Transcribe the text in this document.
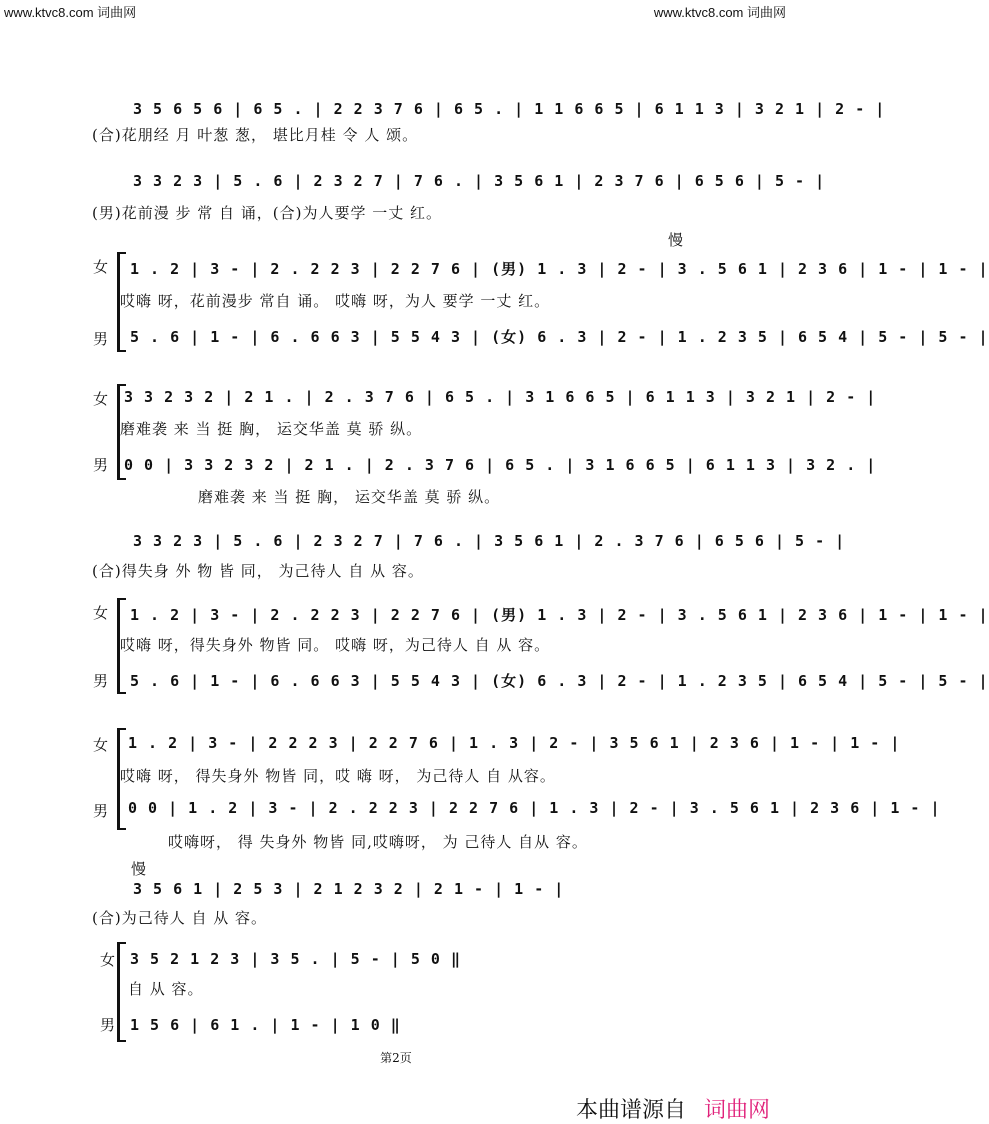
www.ktvc8.com 词曲网	www.ktvc8.com 词曲网
3 5 6 5 6 | 6 5 . | 2 2 3 7 6 | 6 5 . | 1 1 6 6 5 | 6 1 1 3 | 3 2 1 | 2 - |
(合)花朋经 月 叶葱 葱， 堪比月桂 令 人 颂。
3 3 2 3 | 5 . 6 | 2 3 2 7 | 7 6 . | 3 5 6 1 | 2 3 7 6 | 6 5 6 | 5 - |
(男)花前漫 步 常 自 诵，(合)为人要学 一丈 红。
慢
女 1 . 2 | 3 - | 2 . 2 2 3 | 2 2 7 6 | (男) 1 . 3 | 2 - | 3 . 5 6 1 | 2 3 6 | 1 - | 1 - |
哎嗨 呀，花前漫步 常自 诵。 哎嗨 呀，为人 要学 一丈 红。
男 5 . 6 | 1 - | 6 . 6 6 3 | 5 5 4 3 | (女) 6 . 3 | 2 - | 1 . 2 3 5 | 6 5 4 | 5 - | 5 - |
女 3 3 2 3 2 | 2 1 . | 2 . 3 7 6 | 6 5 . | 3 1 6 6 5 | 6 1 1 3 | 3 2 1 | 2 - |
磨难袭 来 当 挺 胸， 运交华盖 莫 骄 纵。
男 0 0 | 3 3 2 3 2 | 2 1 . | 2 . 3 7 6 | 6 5 . | 3 1 6 6 5 | 6 1 1 3 | 3 2 . |
磨难袭 来 当 挺 胸， 运交华盖 莫 骄 纵。
3 3 2 3 | 5 . 6 | 2 3 2 7 | 7 6 . | 3 5 6 1 | 2 . 3 7 6 | 6 5 6 | 5 - |
(合)得失身 外 物 皆 同， 为己待人 自 从 容。
女 1 . 2 | 3 - | 2 . 2 2 3 | 2 2 7 6 | (男) 1 . 3 | 2 - | 3 . 5 6 1 | 2 3 6 | 1 - | 1 - |
哎嗨 呀，得失身外 物皆 同。 哎嗨 呀，为己待人 自 从 容。
男 5 . 6 | 1 - | 6 . 6 6 3 | 5 5 4 3 | (女) 6 . 3 | 2 - | 1 . 2 3 5 | 6 5 4 | 5 - | 5 - |
女 1 . 2 | 3 - | 2 2 2 3 | 2 2 7 6 | 1 . 3 | 2 - | 3 5 6 1 | 2 3 6 | 1 - | 1 - |
哎嗨 呀， 得失身外 物皆 同，哎 嗨 呀， 为己待人 自 从容。
男 0 0 | 1 . 2 | 3 - | 2 . 2 2 3 | 2 2 7 6 | 1 . 3 | 2 - | 3 . 5 6 1 | 2 3 6 | 1 - |
哎嗨呀， 得 失身外 物皆 同,哎嗨呀， 为 己待人 自从 容。
慢
3 5 6 1 | 2 5 3 | 2 1 2 3 2 | 2 1 - | 1 - |
(合)为己待人 自 从 容。
女 3 5 2 1 2 3 | 3 5 . | 5 - | 5 0 ‖
自 从 容。
男 1 5 6 | 6 1 . | 1 - | 1 0 ‖
第2页
本曲谱源自 词曲网
